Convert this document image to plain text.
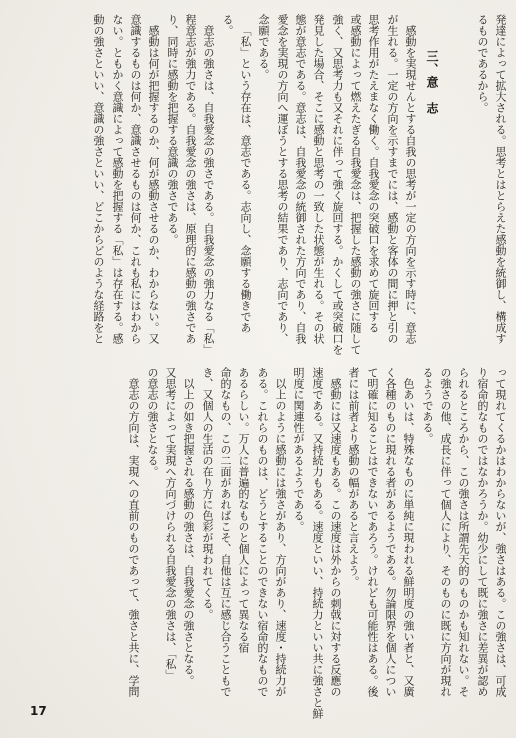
発達によって拡大される。思考とはとらえた感動を統御し、構成す
るものであるから。
三、意　志
感動を実現せんとする自我の思考が一定の方向を示す時に、意志
が生れる。一定の方向を示すまでには、感動と客体の間に押と引の
思考作用がたえまなく働く。自我愛念の突破口を求めて旋回する
或感動によって燃えたぎる自我愛念は、把握した感動の強さに随して
強く、又思考力も又それに伴って強く旋回する。かくして或突破口を
発見した場合、そこに感動と思考の一致した状態が生れる。その状
態が意志である。意志は、自我愛念の統御された方向であり、自我
愛念を実現の方向へ運ぼうとする思考の結果であり、志向であり、
念願である。
「私」という存在は、意志である。志向し、念願する働きであ
る。
意志の強さは、自我愛念の強さである。自我愛念の強力なる「私」
程意志が強力である。自我愛念の強さは、原理的に感動の強さであ
り、同時に感動を把握する意識の強さである。
感動は何が把握するのか、何が感動させるのか、わからない。又
意識するものは何か、意識させるものは何か、これも私にはわから
ない。ともかく意識によって感動を把握する「私」は存在する。感
動の強さといい、意識の強さといい、どこからどのような経路をと
って現れてくるかはわからないが、強さはある。この強さは、可成
り宿命的なものではなかろうか。幼少にして既に強さに差異が認め
られるところから、この強さは所謂先天的のものかも知れない。そ
の強さの他、成長に伴って個人により、そのものに既に方向が現れ
るようである。
色あいは、特殊なものに単純に現われる鮮明度の強い者と、又廣
く各種のものに現れる者があるようである。勿論限界を個人につい
て明確に知ることはできないであろう。けれども可能性はある。後
者には前者より感動の幅があると言えよう。
感動には又速度もある。この速度は外からの刺戟に対する反應の
速度である。又持続力もある。速度といい、持続力といい共に強さと鮮
明度に関連性があるようである。
以上のように感動には強さがあり、方向があり、速度・持続力が
ある。これらのものは、どうとすることのできない宿命的なもので
あるらしい。万人に普遍的なものと個人によって異なる宿
命的なもの、この二面があればこそ、自他は互に感じ合うこともで
き、又個人の生活の在り方に色彩が現われてくる。
以上の如き把握される感動の強さは、自我愛念の強さとなる。
又思考によって実現へ方向づけられる自我愛念の強さは、「私」
の意志の強さとなる。
意志の方向は、実現への直前のものであって、強さと共に、学問
17
